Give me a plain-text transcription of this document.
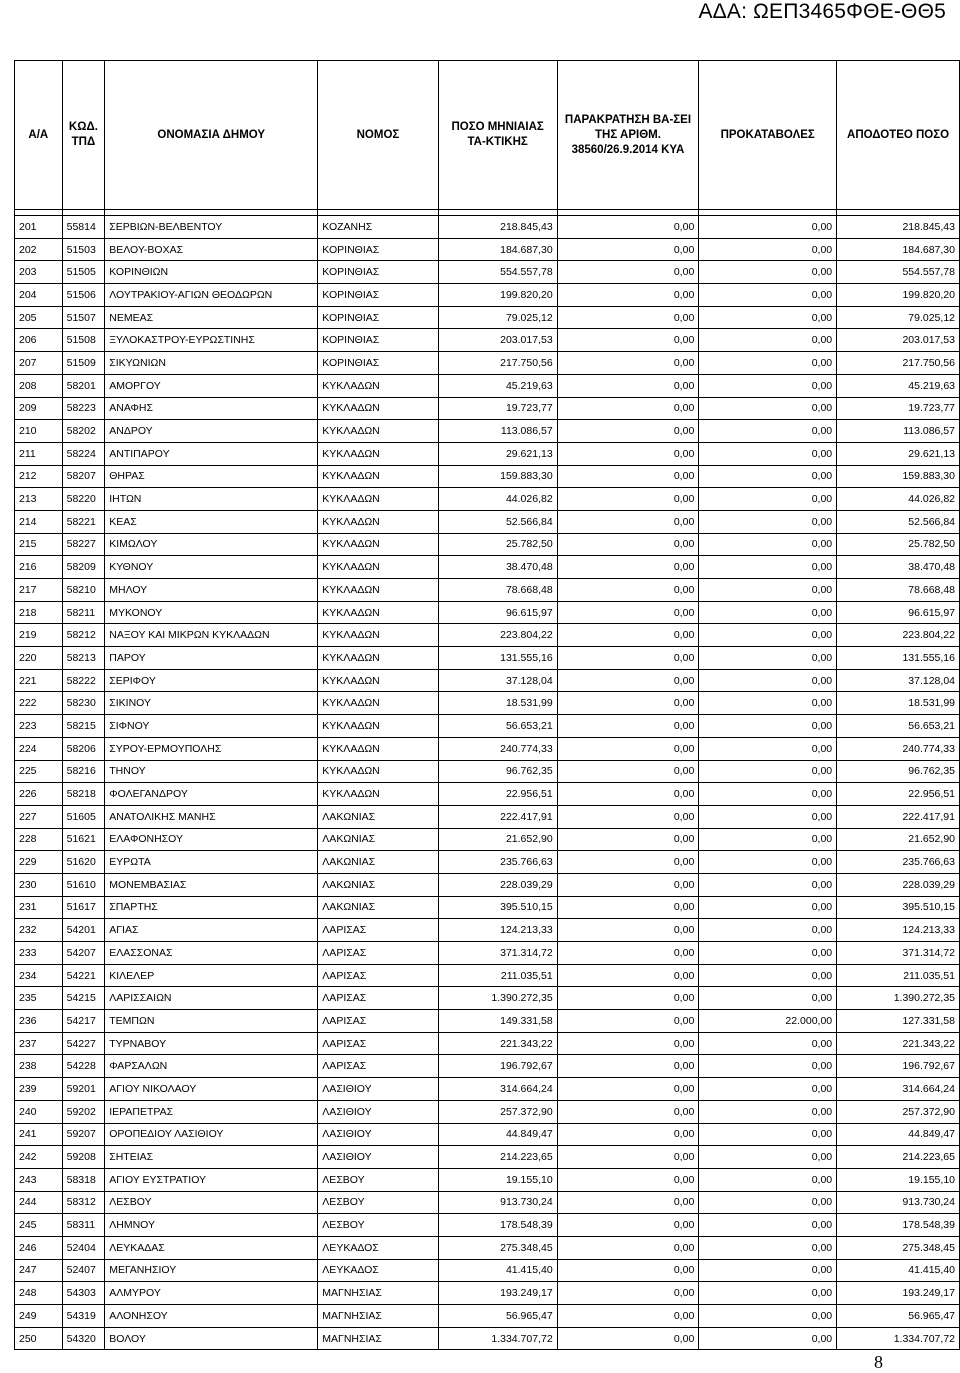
ΑΔΑ: ΩΕΠ3465ΦΘΕ-ΘΘ5
Α/Α	ΚΩΔ. ΤΠΔ	ΟΝΟΜΑΣΙΑ ΔΗΜΟΥ	ΝΟΜΟΣ	ΠΟΣΟ ΜΗΝΙΑΙΑΣ ΤΑ-ΚΤΙΚΗΣ	ΠΑΡΑΚΡΑΤΗΣΗ ΒΑ-ΣΕΙ ΤΗΣ ΑΡΙΘΜ. 38560/26.9.2014 ΚΥΑ	ΠΡΟΚΑΤΑΒΟΛΕΣ	ΑΠΟΔΟΤΕΟ ΠΟΣΟ

201	55814	ΣΕΡΒΙΩΝ-ΒΕΛΒΕΝΤΟΥ	ΚΟΖΑΝΗΣ	218.845,43	0,00	0,00	218.845,43
202	51503	ΒΕΛΟΥ-ΒΟΧΑΣ	ΚΟΡΙΝΘΙΑΣ	184.687,30	0,00	0,00	184.687,30
203	51505	ΚΟΡΙΝΘΙΩΝ	ΚΟΡΙΝΘΙΑΣ	554.557,78	0,00	0,00	554.557,78
204	51506	ΛΟΥΤΡΑΚΙΟΥ-ΑΓΙΩΝ ΘΕΟΔΩΡΩΝ	ΚΟΡΙΝΘΙΑΣ	199.820,20	0,00	0,00	199.820,20
205	51507	ΝΕΜΕΑΣ	ΚΟΡΙΝΘΙΑΣ	79.025,12	0,00	0,00	79.025,12
206	51508	ΞΥΛΟΚΑΣΤΡΟΥ-ΕΥΡΩΣΤΙΝΗΣ	ΚΟΡΙΝΘΙΑΣ	203.017,53	0,00	0,00	203.017,53
207	51509	ΣΙΚΥΩΝΙΩΝ	ΚΟΡΙΝΘΙΑΣ	217.750,56	0,00	0,00	217.750,56
208	58201	ΑΜΟΡΓΟΥ	ΚΥΚΛΑΔΩΝ	45.219,63	0,00	0,00	45.219,63
209	58223	ΑΝΑΦΗΣ	ΚΥΚΛΑΔΩΝ	19.723,77	0,00	0,00	19.723,77
210	58202	ΑΝΔΡΟΥ	ΚΥΚΛΑΔΩΝ	113.086,57	0,00	0,00	113.086,57
211	58224	ΑΝΤΙΠΑΡΟΥ	ΚΥΚΛΑΔΩΝ	29.621,13	0,00	0,00	29.621,13
212	58207	ΘΗΡΑΣ	ΚΥΚΛΑΔΩΝ	159.883,30	0,00	0,00	159.883,30
213	58220	ΙΗΤΩΝ	ΚΥΚΛΑΔΩΝ	44.026,82	0,00	0,00	44.026,82
214	58221	ΚΕΑΣ	ΚΥΚΛΑΔΩΝ	52.566,84	0,00	0,00	52.566,84
215	58227	ΚΙΜΩΛΟΥ	ΚΥΚΛΑΔΩΝ	25.782,50	0,00	0,00	25.782,50
216	58209	ΚΥΘΝΟΥ	ΚΥΚΛΑΔΩΝ	38.470,48	0,00	0,00	38.470,48
217	58210	ΜΗΛΟΥ	ΚΥΚΛΑΔΩΝ	78.668,48	0,00	0,00	78.668,48
218	58211	ΜΥΚΟΝΟΥ	ΚΥΚΛΑΔΩΝ	96.615,97	0,00	0,00	96.615,97
219	58212	ΝΑΞΟΥ ΚΑΙ ΜΙΚΡΩΝ ΚΥΚΛΑΔΩΝ	ΚΥΚΛΑΔΩΝ	223.804,22	0,00	0,00	223.804,22
220	58213	ΠΑΡΟΥ	ΚΥΚΛΑΔΩΝ	131.555,16	0,00	0,00	131.555,16
221	58222	ΣΕΡΙΦΟΥ	ΚΥΚΛΑΔΩΝ	37.128,04	0,00	0,00	37.128,04
222	58230	ΣΙΚΙΝΟΥ	ΚΥΚΛΑΔΩΝ	18.531,99	0,00	0,00	18.531,99
223	58215	ΣΙΦΝΟΥ	ΚΥΚΛΑΔΩΝ	56.653,21	0,00	0,00	56.653,21
224	58206	ΣΥΡΟΥ-ΕΡΜΟΥΠΟΛΗΣ	ΚΥΚΛΑΔΩΝ	240.774,33	0,00	0,00	240.774,33
225	58216	ΤΗΝΟΥ	ΚΥΚΛΑΔΩΝ	96.762,35	0,00	0,00	96.762,35
226	58218	ΦΟΛΕΓΑΝΔΡΟΥ	ΚΥΚΛΑΔΩΝ	22.956,51	0,00	0,00	22.956,51
227	51605	ΑΝΑΤΟΛΙΚΗΣ ΜΑΝΗΣ	ΛΑΚΩΝΙΑΣ	222.417,91	0,00	0,00	222.417,91
228	51621	ΕΛΑΦΟΝΗΣΟΥ	ΛΑΚΩΝΙΑΣ	21.652,90	0,00	0,00	21.652,90
229	51620	ΕΥΡΩΤΑ	ΛΑΚΩΝΙΑΣ	235.766,63	0,00	0,00	235.766,63
230	51610	ΜΟΝΕΜΒΑΣΙΑΣ	ΛΑΚΩΝΙΑΣ	228.039,29	0,00	0,00	228.039,29
231	51617	ΣΠΑΡΤΗΣ	ΛΑΚΩΝΙΑΣ	395.510,15	0,00	0,00	395.510,15
232	54201	ΑΓΙΑΣ	ΛΑΡΙΣΑΣ	124.213,33	0,00	0,00	124.213,33
233	54207	ΕΛΑΣΣΟΝΑΣ	ΛΑΡΙΣΑΣ	371.314,72	0,00	0,00	371.314,72
234	54221	ΚΙΛΕΛΕΡ	ΛΑΡΙΣΑΣ	211.035,51	0,00	0,00	211.035,51
235	54215	ΛΑΡΙΣΣΑΙΩΝ	ΛΑΡΙΣΑΣ	1.390.272,35	0,00	0,00	1.390.272,35
236	54217	ΤΕΜΠΩΝ	ΛΑΡΙΣΑΣ	149.331,58	0,00	22.000,00	127.331,58
237	54227	ΤΥΡΝΑΒΟΥ	ΛΑΡΙΣΑΣ	221.343,22	0,00	0,00	221.343,22
238	54228	ΦΑΡΣΑΛΩΝ	ΛΑΡΙΣΑΣ	196.792,67	0,00	0,00	196.792,67
239	59201	ΑΓΙΟΥ ΝΙΚΟΛΑΟΥ	ΛΑΣΙΘΙΟΥ	314.664,24	0,00	0,00	314.664,24
240	59202	ΙΕΡΑΠΕΤΡΑΣ	ΛΑΣΙΘΙΟΥ	257.372,90	0,00	0,00	257.372,90
241	59207	ΟΡΟΠΕΔΙΟΥ ΛΑΣΙΘΙΟΥ	ΛΑΣΙΘΙΟΥ	44.849,47	0,00	0,00	44.849,47
242	59208	ΣΗΤΕΙΑΣ	ΛΑΣΙΘΙΟΥ	214.223,65	0,00	0,00	214.223,65
243	58318	ΑΓΙΟΥ ΕΥΣΤΡΑΤΙΟΥ	ΛΕΣΒΟΥ	19.155,10	0,00	0,00	19.155,10
244	58312	ΛΕΣΒΟΥ	ΛΕΣΒΟΥ	913.730,24	0,00	0,00	913.730,24
245	58311	ΛΗΜΝΟΥ	ΛΕΣΒΟΥ	178.548,39	0,00	0,00	178.548,39
246	52404	ΛΕΥΚΑΔΑΣ	ΛΕΥΚΑΔΟΣ	275.348,45	0,00	0,00	275.348,45
247	52407	ΜΕΓΑΝΗΣΙΟΥ	ΛΕΥΚΑΔΟΣ	41.415,40	0,00	0,00	41.415,40
248	54303	ΑΛΜΥΡΟΥ	ΜΑΓΝΗΣΙΑΣ	193.249,17	0,00	0,00	193.249,17
249	54319	ΑΛΟΝΗΣΟΥ	ΜΑΓΝΗΣΙΑΣ	56.965,47	0,00	0,00	56.965,47
250	54320	ΒΟΛΟΥ	ΜΑΓΝΗΣΙΑΣ	1.334.707,72	0,00	0,00	1.334.707,72
8
